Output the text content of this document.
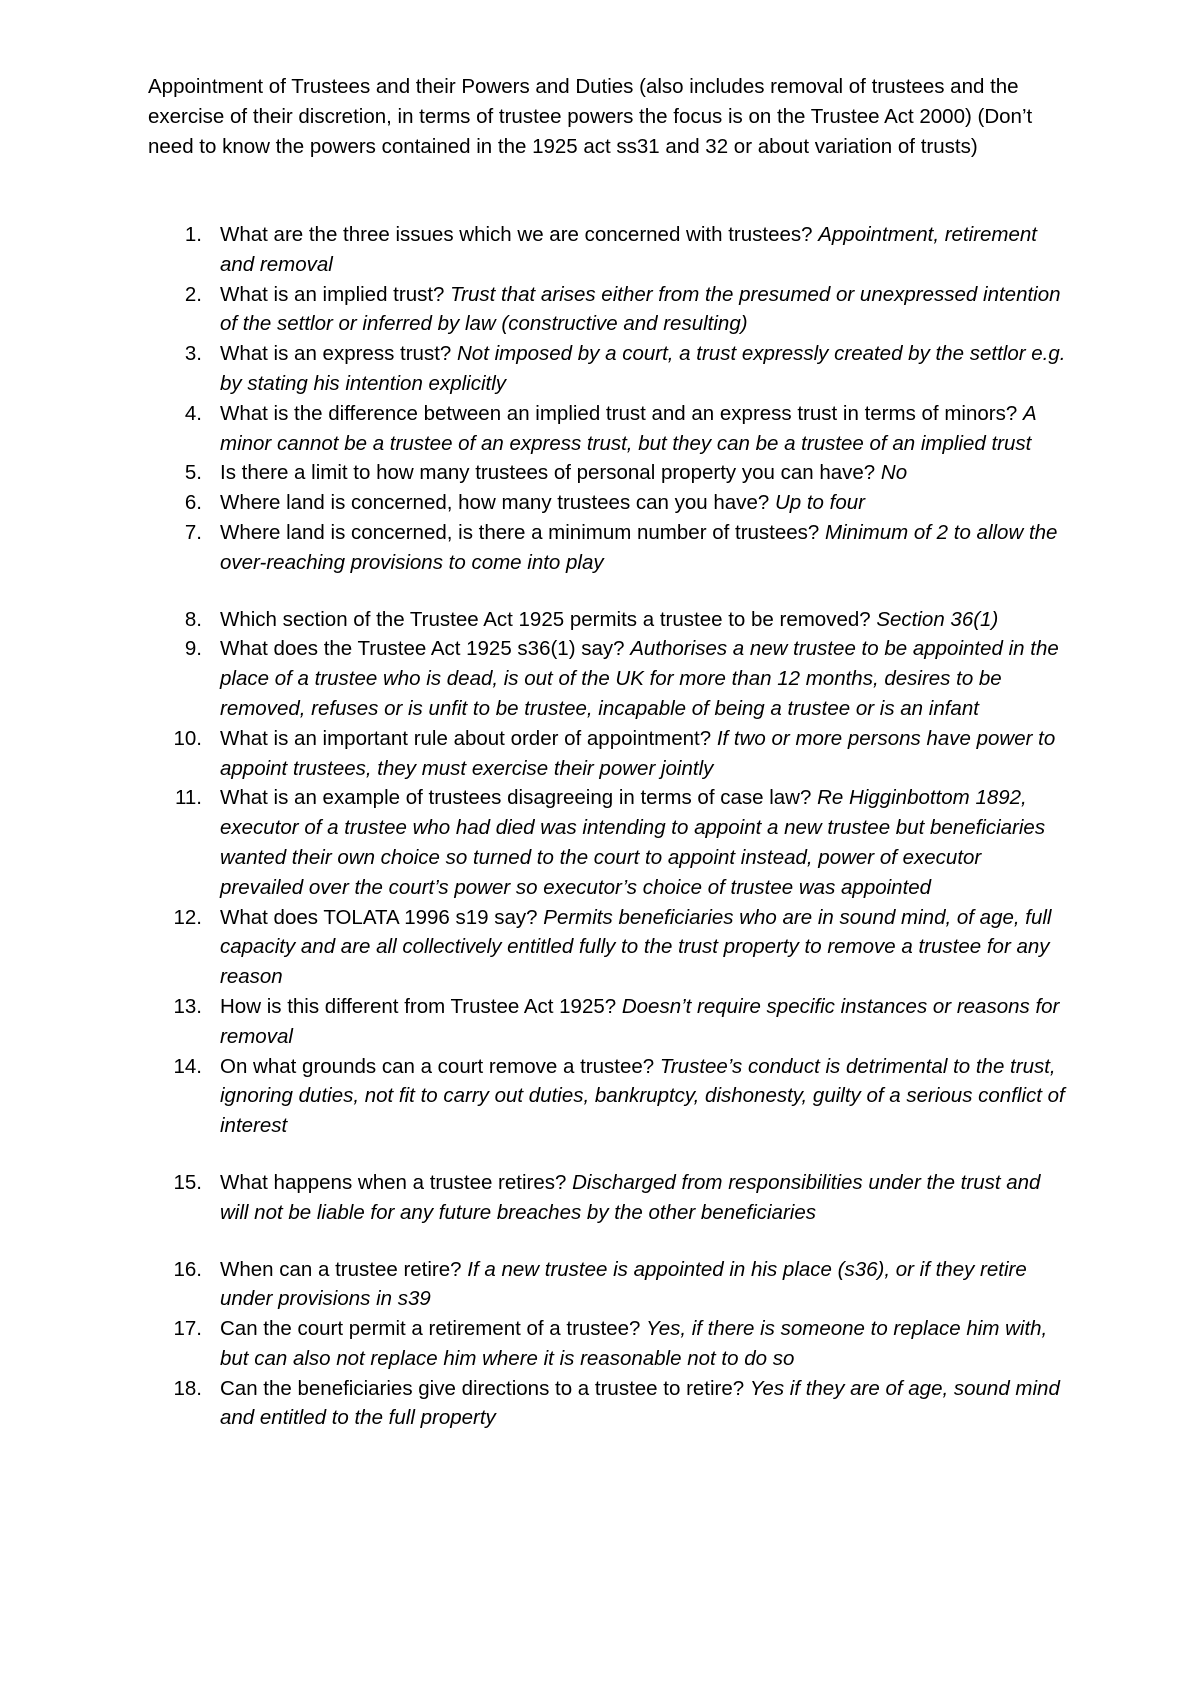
Appointment of Trustees and their Powers and Duties (also includes removal of trustees and the exercise of their discretion, in terms of trustee powers the focus is on the Trustee Act 2000) (Don’t need to know the powers contained in the 1925 act ss31 and 32 or about variation of trusts)

1. What are the three issues which we are concerned with trustees? Appointment, retirement and removal
2. What is an implied trust? Trust that arises either from the presumed or unexpressed intention of the settlor or inferred by law (constructive and resulting)
3. What is an express trust? Not imposed by a court, a trust expressly created by the settlor e.g. by stating his intention explicitly
4. What is the difference between an implied trust and an express trust in terms of minors? A minor cannot be a trustee of an express trust, but they can be a trustee of an implied trust
5. Is there a limit to how many trustees of personal property you can have? No
6. Where land is concerned, how many trustees can you have? Up to four
7. Where land is concerned, is there a minimum number of trustees? Minimum of 2 to allow the over-reaching provisions to come into play
8. Which section of the Trustee Act 1925 permits a trustee to be removed? Section 36(1)
9. What does the Trustee Act 1925 s36(1) say? Authorises a new trustee to be appointed in the place of a trustee who is dead, is out of the UK for more than 12 months, desires to be removed, refuses or is unfit to be trustee, incapable of being a trustee or is an infant
10. What is an important rule about order of appointment? If two or more persons have power to appoint trustees, they must exercise their power jointly
11. What is an example of trustees disagreeing in terms of case law? Re Higginbottom 1892, executor of a trustee who had died was intending to appoint a new trustee but beneficiaries wanted their own choice so turned to the court to appoint instead, power of executor prevailed over the court’s power so executor’s choice of trustee was appointed
12. What does TOLATA 1996 s19 say? Permits beneficiaries who are in sound mind, of age, full capacity and are all collectively entitled fully to the trust property to remove a trustee for any reason
13. How is this different from Trustee Act 1925? Doesn’t require specific instances or reasons for removal
14. On what grounds can a court remove a trustee? Trustee’s conduct is detrimental to the trust, ignoring duties, not fit to carry out duties, bankruptcy, dishonesty, guilty of a serious conflict of interest
15. What happens when a trustee retires? Discharged from responsibilities under the trust and will not be liable for any future breaches by the other beneficiaries
16. When can a trustee retire? If a new trustee is appointed in his place (s36), or if they retire under provisions in s39
17. Can the court permit a retirement of a trustee? Yes, if there is someone to replace him with, but can also not replace him where it is reasonable not to do so
18. Can the beneficiaries give directions to a trustee to retire? Yes if they are of age, sound mind and entitled to the full property
